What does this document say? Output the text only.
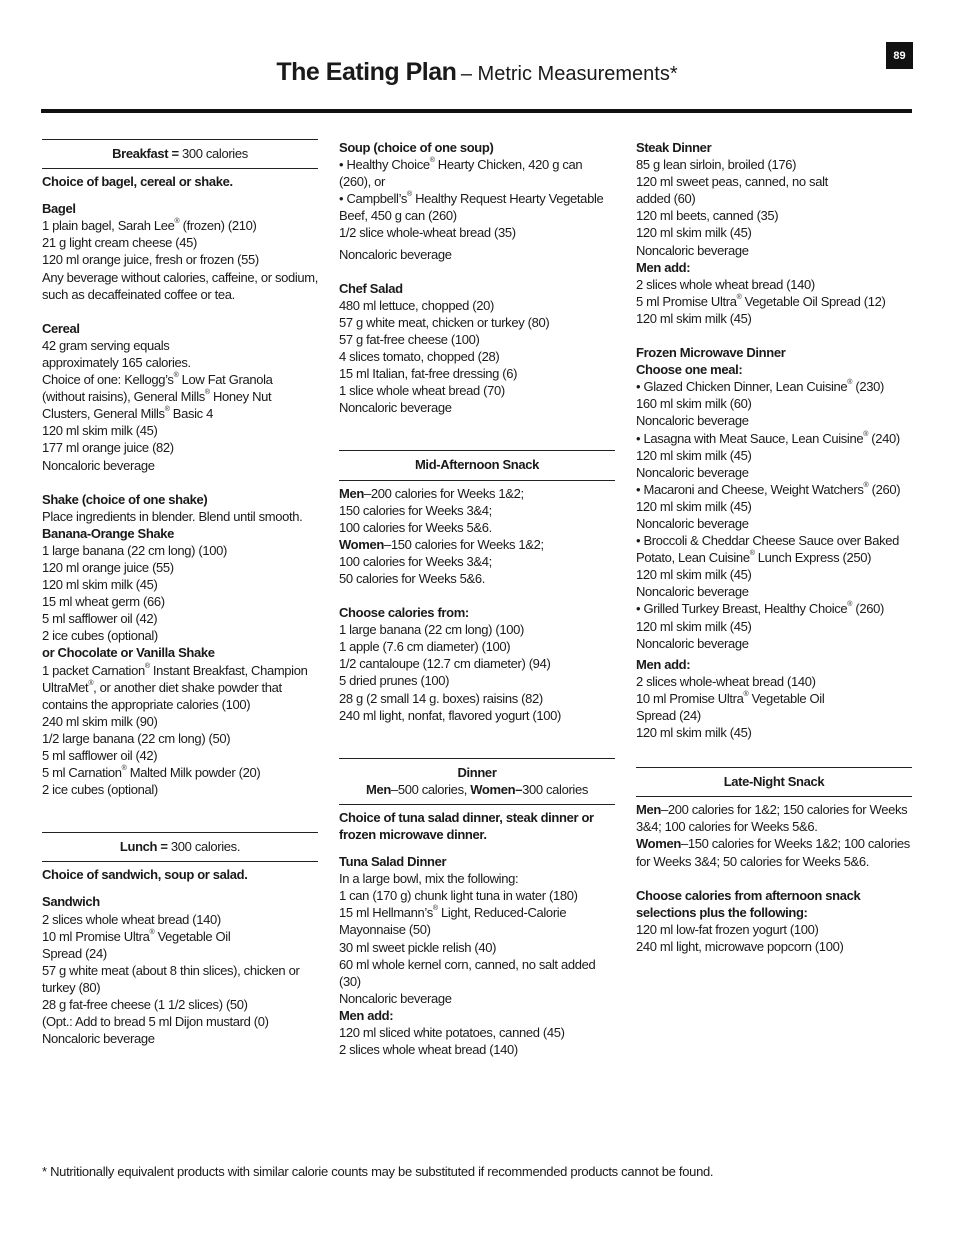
89
The Eating Plan – Metric Measurements*
Breakfast = 300 calories
Choice of bagel, cereal or shake.
Bagel
1 plain bagel, Sarah Lee® (frozen) (210)
21 g light cream cheese (45)
120 ml orange juice, fresh or frozen (55)
Any beverage without calories, caffeine, or sodium, such as decaffeinated coffee or tea.
Cereal
42 gram serving equals
approximately 165 calories.
Choice of one: Kellogg’s® Low Fat Granola (without raisins), General Mills® Honey Nut Clusters, General Mills® Basic 4
120 ml skim milk (45)
177 ml orange juice (82)
Noncaloric beverage
Shake (choice of one shake)
Place ingredients in blender. Blend until smooth.
Banana-Orange Shake
1 large banana (22 cm long) (100)
120 ml orange juice (55)
120 ml skim milk (45)
15 ml wheat germ (66)
5 ml safflower oil (42)
2 ice cubes (optional)
or Chocolate or Vanilla Shake
1 packet Carnation® Instant Breakfast, Champion UltraMet®, or another diet shake powder that contains the appropriate calories (100)
240 ml skim milk (90)
1/2 large banana (22 cm long) (50)
5 ml safflower oil (42)
5 ml Carnation® Malted Milk powder (20)
2 ice cubes (optional)
Lunch = 300 calories.
Choice of sandwich, soup or salad.
Sandwich
2 slices whole wheat bread (140)
10 ml Promise Ultra® Vegetable Oil
Spread (24)
57 g white meat (about 8 thin slices), chicken or turkey (80)
28 g fat-free cheese (1 1/2 slices) (50)
(Opt.: Add to bread 5 ml Dijon mustard (0)
Noncaloric beverage
Soup (choice of one soup)
• Healthy Choice® Hearty Chicken, 420 g can (260), or
• Campbell’s® Healthy Request Hearty Vegetable Beef, 450 g can (260)
1/2 slice whole-wheat bread (35)
Noncaloric beverage
Chef Salad
480 ml lettuce, chopped (20)
57 g white meat, chicken or turkey (80)
57 g fat-free cheese (100)
4 slices tomato, chopped (28)
15 ml Italian, fat-free dressing (6)
1 slice whole wheat bread (70)
Noncaloric beverage
Mid-Afternoon Snack
Men–200 calories for Weeks 1&2;
150 calories for Weeks 3&4;
100 calories for Weeks 5&6.
Women–150 calories for Weeks 1&2;
100 calories for Weeks 3&4;
50 calories for Weeks 5&6.
Choose calories from:
1 large banana (22 cm long) (100)
1 apple (7.6 cm diameter) (100)
1/2 cantaloupe (12.7 cm diameter) (94)
5 dried prunes (100)
28 g (2 small 14 g. boxes) raisins (82)
240 ml light, nonfat, flavored yogurt (100)
Dinner
Men–500 calories, Women–300 calories
Choice of tuna salad dinner, steak dinner or frozen microwave dinner.
Tuna Salad Dinner
In a large bowl, mix the following:
1 can (170 g) chunk light tuna in water (180)
15 ml Hellmann’s® Light, Reduced-Calorie Mayonnaise (50)
30 ml sweet pickle relish (40)
60 ml whole kernel corn, canned, no salt added (30)
Noncaloric beverage
Men add:
120 ml sliced white potatoes, canned (45)
2 slices whole wheat bread (140)
Steak Dinner
85 g lean sirloin, broiled (176)
120 ml sweet peas, canned, no salt
added (60)
120 ml beets, canned (35)
120 ml skim milk (45)
Noncaloric beverage
Men add:
2 slices whole wheat bread (140)
5 ml Promise Ultra® Vegetable Oil Spread (12)
120 ml skim milk (45)
Frozen Microwave Dinner
Choose one meal:
• Glazed Chicken Dinner, Lean Cuisine® (230)
160 ml skim milk (60)
Noncaloric beverage
• Lasagna with Meat Sauce, Lean Cuisine® (240)
120 ml skim milk (45)
Noncaloric beverage
• Macaroni and Cheese, Weight Watchers® (260)
120 ml skim milk (45)
Noncaloric beverage
• Broccoli & Cheddar Cheese Sauce over Baked Potato, Lean Cuisine® Lunch Express (250)
120 ml skim milk (45)
Noncaloric beverage
• Grilled Turkey Breast, Healthy Choice® (260)
120 ml skim milk (45)
Noncaloric beverage
Men add:
2 slices whole-wheat bread (140)
10 ml Promise Ultra® Vegetable Oil
Spread (24)
120 ml skim milk (45)
Late-Night Snack
Men–200 calories for 1&2; 150 calories for Weeks 3&4; 100 calories for Weeks 5&6.
Women–150 calories for Weeks 1&2; 100 calories for Weeks 3&4; 50 calories for Weeks 5&6.
Choose calories from afternoon snack selections plus the following:
120 ml low-fat frozen yogurt (100)
240 ml light, microwave popcorn (100)
* Nutritionally equivalent products with similar calorie counts may be substituted if recommended products cannot be found.
